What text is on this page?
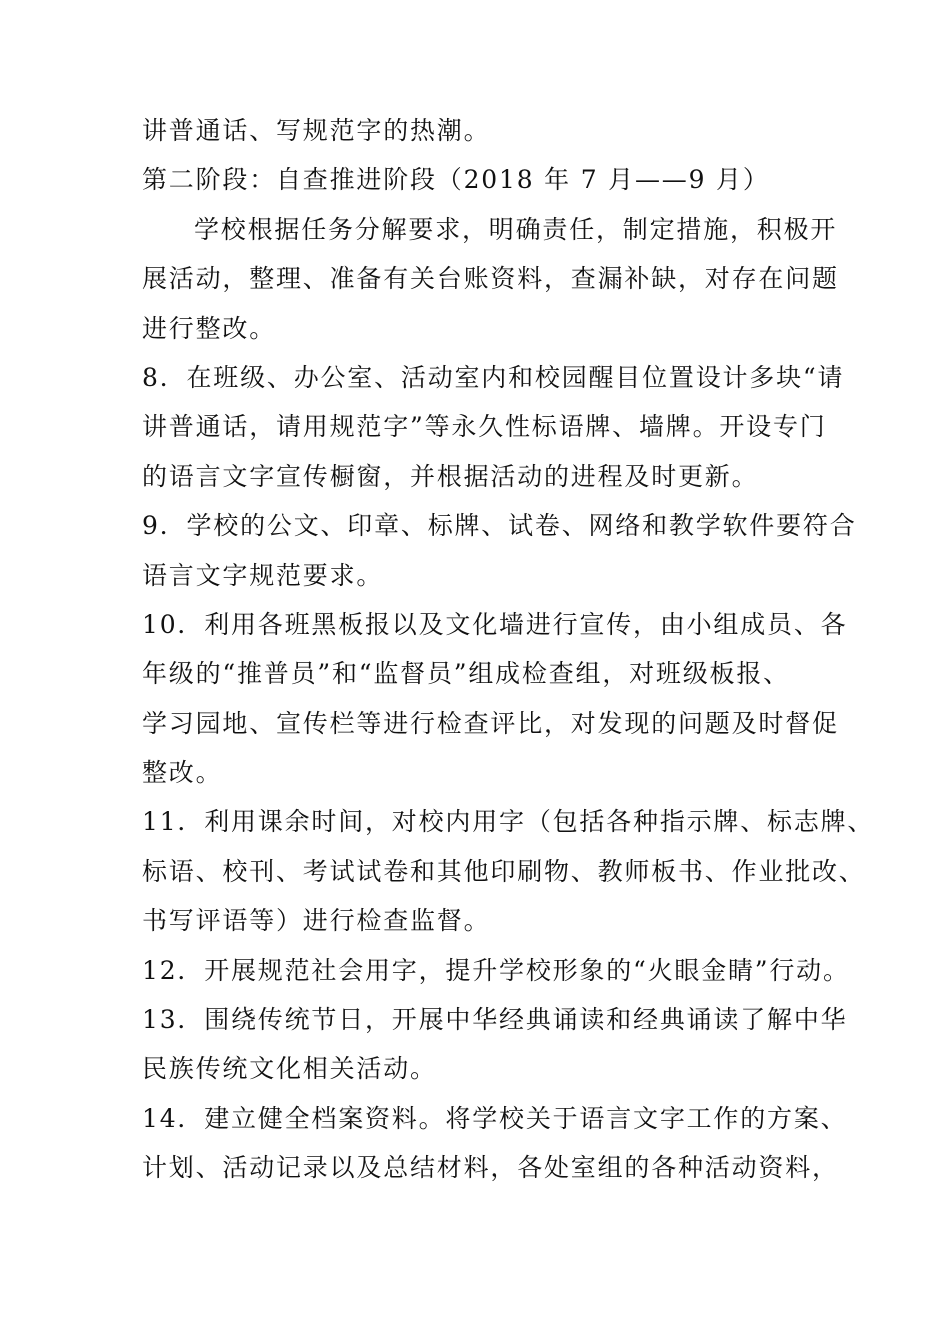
讲普通话、写规范字的热潮。
第二阶段：自查推进阶段（2018 年 7 月——9 月）
学校根据任务分解要求，明确责任，制定措施，积极开
展活动，整理、准备有关台账资料，查漏补缺，对存在问题
进行整改。
8．在班级、办公室、活动室内和校园醒目位置设计多块“请
讲普通话，请用规范字”等永久性标语牌、墙牌。开设专门
的语言文字宣传橱窗，并根据活动的进程及时更新。
9．学校的公文、印章、标牌、试卷、网络和教学软件要符合
语言文字规范要求。
10．利用各班黑板报以及文化墙进行宣传，由小组成员、各
年级的“推普员”和“监督员”组成检查组，对班级板报、
学习园地、宣传栏等进行检查评比，对发现的问题及时督促
整改。
11．利用课余时间，对校内用字（包括各种指示牌、标志牌、
标语、校刊、考试试卷和其他印刷物、教师板书、作业批改、
书写评语等）进行检查监督。
12．开展规范社会用字，提升学校形象的“火眼金睛”行动。
13．围绕传统节日，开展中华经典诵读和经典诵读了解中华
民族传统文化相关活动。
14．建立健全档案资料。将学校关于语言文字工作的方案、
计划、活动记录以及总结材料，各处室组的各种活动资料，
